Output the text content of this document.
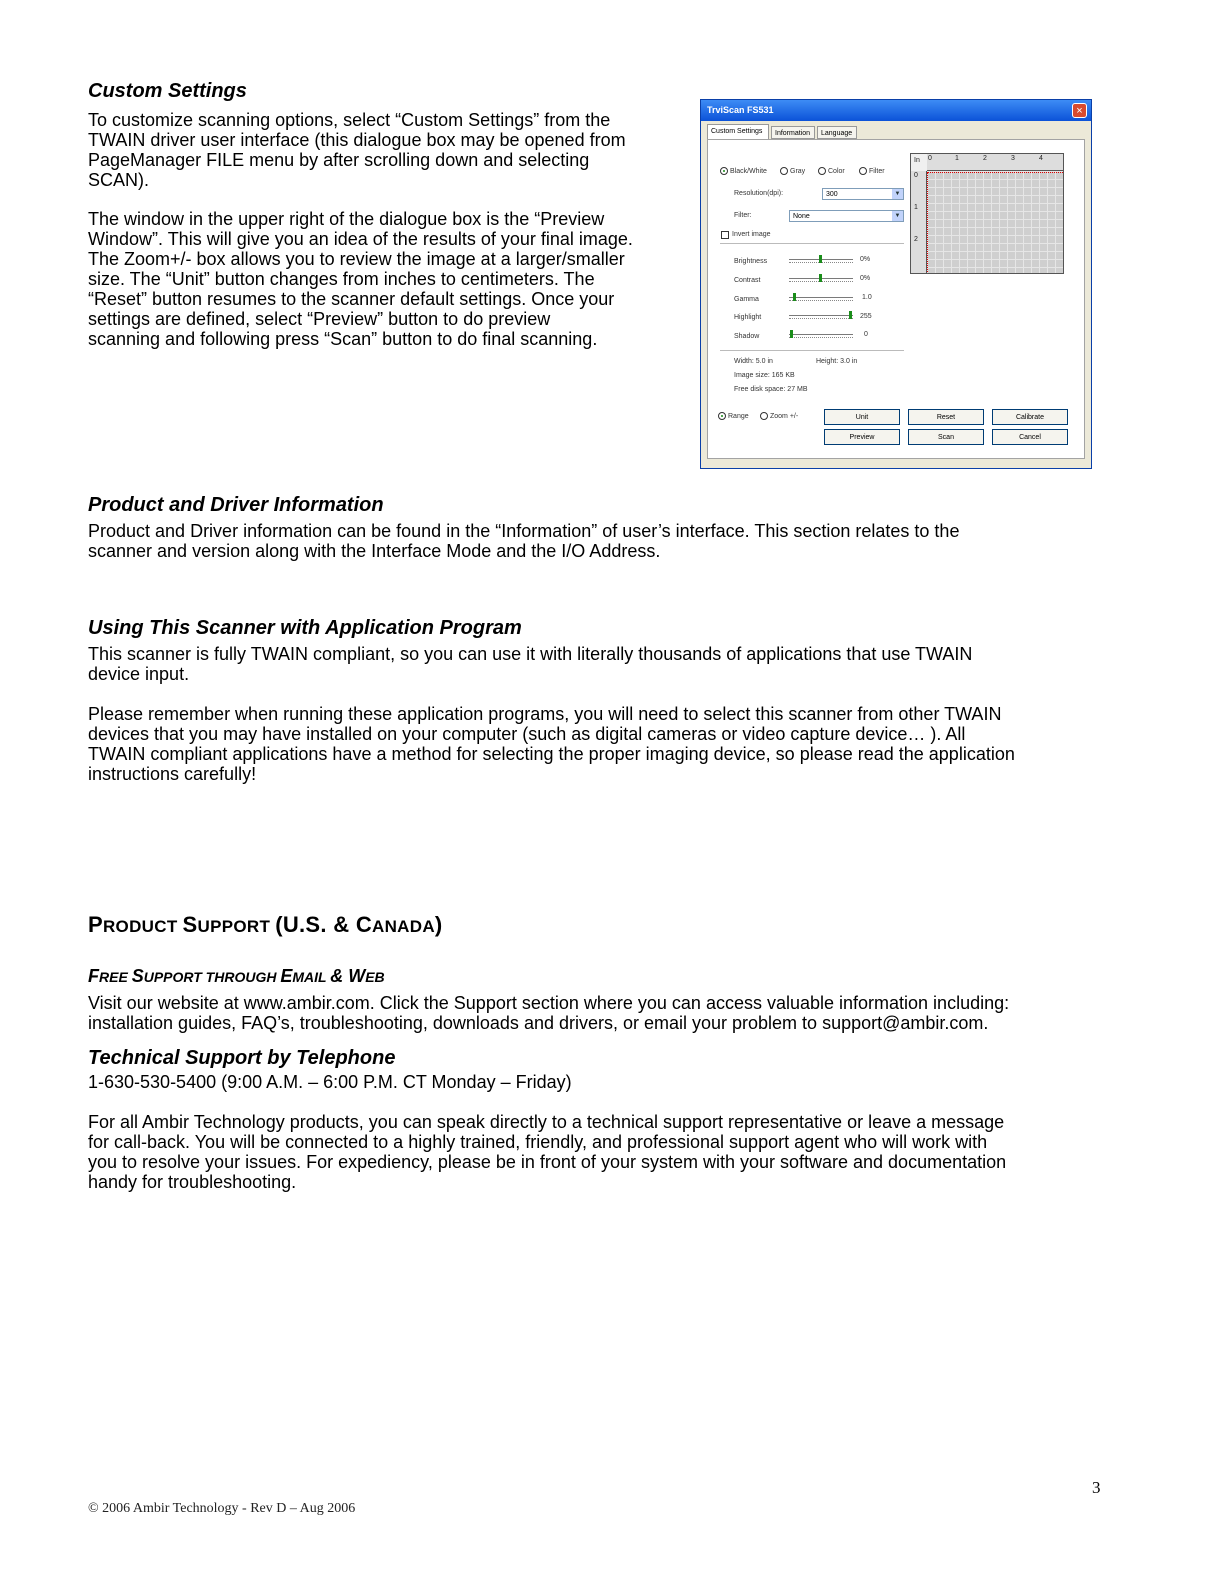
Custom Settings
To customize scanning options, select “Custom Settings” from the
TWAIN driver user interface (this dialogue box may be opened from
PageManager FILE menu by after scrolling down and selecting
SCAN).
The window in the upper right of the dialogue box is the “Preview
Window”. This will give you an idea of the results of your final image.
The Zoom+/- box allows you to review the image at a larger/smaller
size. The “Unit” button changes from inches to centimeters. The
“Reset” button resumes to the scanner default settings. Once your
settings are defined, select “Preview” button to do preview
scanning and following press “Scan” button to do final scanning.
TrviScan FS531	×
Custom Settings	Information	Language
Black/White	Gray	Color	Filter
Resolution(dpi):	300	▼
Filter:	None	▼
Invert image
Brightness	0%
Contrast	0%
Gamma	1.0
Highlight	255
Shadow	0
Width: 5.0 in	Height: 3.0 in
Image size: 165 KB
Free disk space: 27 MB
In 0	1	2	3	4
0
1
2
Range	Zoom +/-	Unit	Reset	Calibrate
Preview	Scan	Cancel
Product and Driver Information
Product and Driver information can be found in the “Information” of user’s interface. This section relates to the
scanner and version along with the Interface Mode and the I/O Address.
Using This Scanner with Application Program
This scanner is fully TWAIN compliant, so you can use it with literally thousands of applications that use TWAIN
device input.
Please remember when running these application programs, you will need to select this scanner from other TWAIN
devices that you may have installed on your computer (such as digital cameras or video capture device… ). All
TWAIN compliant applications have a method for selecting the proper imaging device, so please read the application
instructions carefully!
PRODUCT SUPPORT (U.S. & CANADA)
FREE SUPPORT THROUGH EMAIL & WEB
Visit our website at www.ambir.com. Click the Support section where you can access valuable information including:
installation guides, FAQ’s, troubleshooting, downloads and drivers, or email your problem to support@ambir.com.
Technical Support by Telephone
1-630-530-5400 (9:00 A.M. – 6:00 P.M. CT Monday – Friday)
For all Ambir Technology products, you can speak directly to a technical support representative or leave a message
for call-back. You will be connected to a highly trained, friendly, and professional support agent who will work with
you to resolve your issues. For expediency, please be in front of your system with your software and documentation
handy for troubleshooting.
3
© 2006 Ambir Technology - Rev D – Aug 2006
